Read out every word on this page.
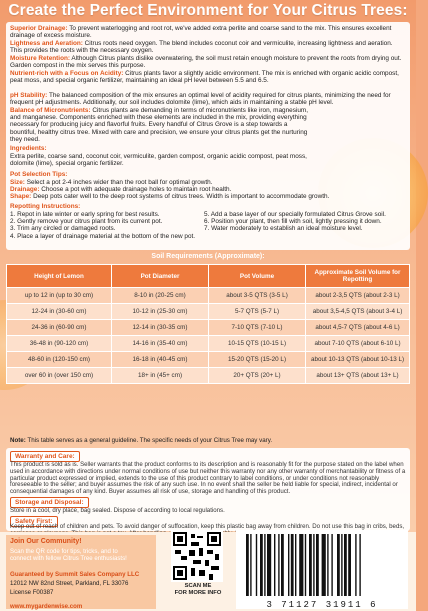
Create the Perfect Environment for Your Citrus Trees:
Superior Drainage: To prevent waterlogging and root rot, we've added extra perlite and coarse sand to the mix. This ensures excellent drainage of excess moisture.
Lightness and Aeration: Citrus roots need oxygen. The blend includes coconut coir and vermiculite, increasing lightness and aeration. This provides the roots with the necessary oxygen.
Moisture Retention: Although Citrus plants dislike overwatering, the soil must retain enough moisture to prevent the roots from drying out. Garden compost in the mix serves this purpose.
Nutrient-rich with a Focus on Acidity: Citrus plants favor a slightly acidic environment. The mix is enriched with organic acidic compost, peat moss, and special organic fertilizer, maintaining an ideal pH level between 5.5 and 6.5.
pH Stability: The balanced composition of the mix ensures an optimal level of acidity required for citrus plants, minimizing the need for frequent pH adjustments. Additionally, our soil includes dolomite (lime), which aids in maintaining a stable pH level.
Balance of Micronutrients: Citrus plants are demanding in terms of micronutrients like iron, magnesium, and manganese. Components enriched with these elements are included in the mix, providing everything necessary for producing juicy and flavorful fruits. Every handful of Citrus Grove is a step towards a bountiful, healthy citrus tree. Mixed with care and precision, we ensure your citrus plants get the nurturing they need.
Ingredients:
Extra perlite, coarse sand, coconut coir, vermiculite, garden compost, organic acidic compost, peat moss, dolomite (lime), special organic fertilizer.
Pot Selection Tips:
Size: Select a pot 2-4 inches wider than the root ball for optimal growth.
Drainage: Choose a pot with adequate drainage holes to maintain root health.
Shape: Deep pots cater well to the deep root systems of citrus trees. Width is important to accommodate growth.
Repotting Instructions:
1. Repot in late winter or early spring for best results.
2. Gently remove your citrus plant from its current pot.
3. Trim any circled or damaged roots.
4. Place a layer of drainage material at the bottom of the new pot.
5. Add a base layer of our specially formulated Citrus Grove soil.
6. Position your plant, then fill with soil, lightly pressing it down.
7. Water moderately to establish an ideal moisture level.
Soil Requirements (Approximate):
Height of Lemon	Pot Diameter	Pot Volume	Approximate Soil Volume for Repotting
up to 12 in (up to 30 cm)	8-10 in (20-25 cm)	about 3-5 QTS (3-5 L)	about 2-3,5 QTS (about 2-3 L)
12-24 in (30-60 cm)	10-12 in (25-30 cm)	5-7 QTS (5-7 L)	about 3,5-4,5 QTS (about 3-4 L)
24-36 in (60-90 cm)	12-14 in (30-35 cm)	7-10 QTS (7-10 L)	about 4,5-7 QTS (about 4-6 L)
36-48 in (90-120 cm)	14-16 in (35-40 cm)	10-15 QTS (10-15 L)	about 7-10 QTS (about 6-10 L)
48-60 in (120-150 cm)	16-18 in (40-45 cm)	15-20 QTS (15-20 L)	about 10-13 QTS (about 10-13 L)
over 60 in (over 150 cm)	18+ in (45+ cm)	20+ QTS (20+ L)	about 13+ QTS (about 13+ L)
Note: This table serves as a general guideline. The specific needs of your Citrus Tree may vary.
Warranty and Care:
This product is sold as is. Seller warrants that the product conforms to its description and is reasonably fit for the purpose stated on the label when used in accordance with directions under normal conditions of use but neither this warranty nor any other warranty of merchantability or fitness of a particular product expressed or implied, extends to the use of this product contrary to label conditions, or under conditions not reasonably foreseeable to the seller; and buyer assumes the risk of any such use. In no event shall the seller be held liable for special, indirect, incidental or consequential damages of any kind. Buyer assumes all risk of use, storage and handling of this product.
Storage and Disposal:
Store in a cool, dry place, bag sealed. Dispose of according to local regulations.
Safety First:
Keep out of reach of children and pets. To avoid danger of suffocation, keep this plastic bag away from children. Do not use this bag in cribs, beds,
Join Our Community!
Scan the QR code for tips, tricks, and to connect with fellow Citrus Tree enthusiasts!
Guaranteed by Summit Sales Company LLC
12012 NW 82nd Street, Parkland, FL 33076
License F00387
www.mygardenwise.com
SCAN ME
FOR MORE INFO
3 71127 31911 6
